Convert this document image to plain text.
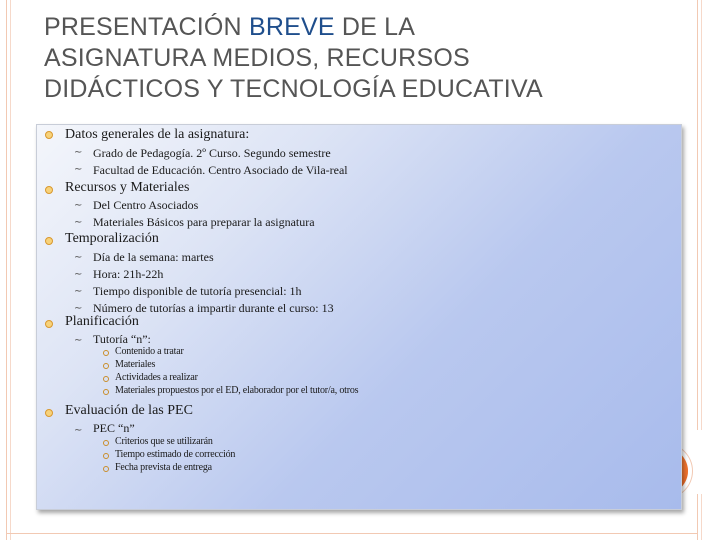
PRESENTACIÓN BREVE DE LA
ASIGNATURA MEDIOS, RECURSOS
DIDÁCTICOS Y TECNOLOGÍA EDUCATIVA
Datos generales de la asignatura:
∼ Grado de Pedagogía. 2º Curso. Segundo semestre
∼ Facultad de Educación. Centro Asociado de Vila-real
Recursos y Materiales
∼ Del Centro Asociados
∼ Materiales Básicos para preparar la asignatura
Temporalización
∼ Día de la semana: martes
∼ Hora: 21h-22h
∼ Tiempo disponible de tutoría presencial: 1h
∼ Número de tutorías a impartir durante el curso: 13
Planificación
∼ Tutoría “n”:
Contenido a tratar
Materiales
Actividades a realizar
Materiales propuestos por el ED, elaborador por el tutor/a, otros
Evaluación de las PEC
∼ PEC “n”
Criterios que se utilizarán
Tiempo estimado de corrección
Fecha prevista de entrega
